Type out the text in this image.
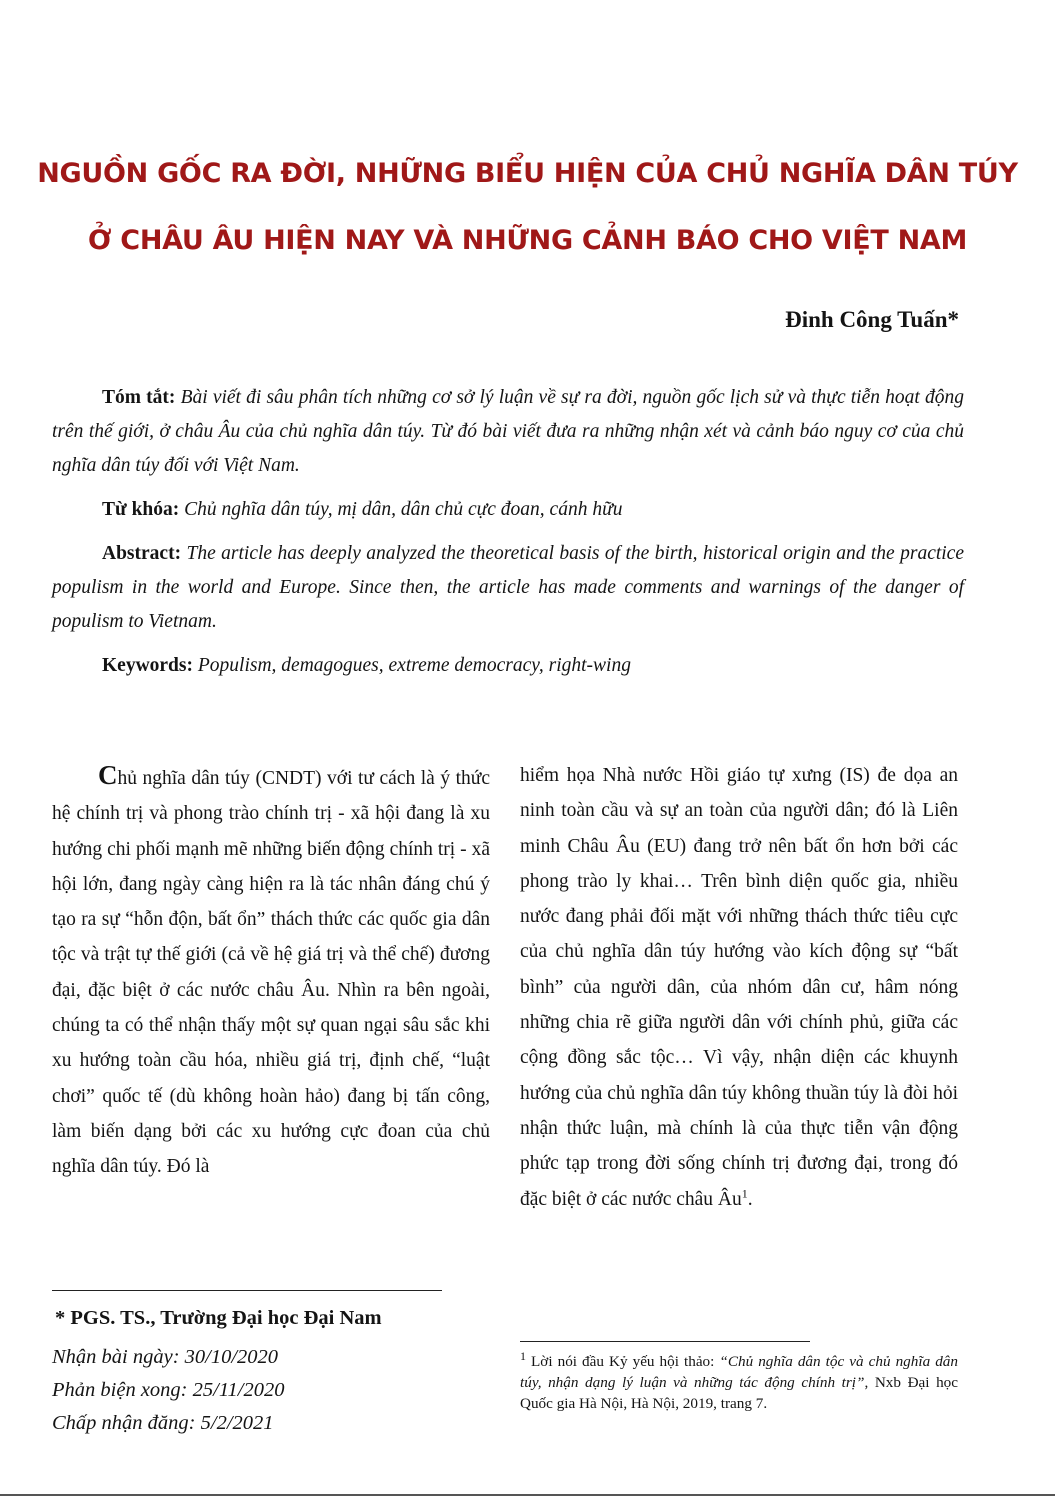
NGUỒN GỐC RA ĐỜI, NHỮNG BIỂU HIỆN CỦA CHỦ NGHĨA DÂN TÚY
Ở CHÂU ÂU HIỆN NAY VÀ NHỮNG CẢNH BÁO CHO VIỆT NAM

Đinh Công Tuấn*

Tóm tắt: Bài viết đi sâu phân tích những cơ sở lý luận về sự ra đời, nguồn gốc lịch sử và thực tiễn hoạt động trên thế giới, ở châu Âu của chủ nghĩa dân túy. Từ đó bài viết đưa ra những nhận xét và cảnh báo nguy cơ của chủ nghĩa dân túy đối với Việt Nam.

Từ khóa: Chủ nghĩa dân túy, mị dân, dân chủ cực đoan, cánh hữu

Abstract: The article has deeply analyzed the theoretical basis of the birth, historical origin and the practice populism in the world and Europe. Since then, the article has made comments and warnings of the danger of populism to Vietnam.

Keywords: Populism, demagogues, extreme democracy, right-wing

Chủ nghĩa dân túy (CNDT) với tư cách là ý thức hệ chính trị và phong trào chính trị - xã hội đang là xu hướng chi phối mạnh mẽ những biến động chính trị - xã hội lớn, đang ngày càng hiện ra là tác nhân đáng chú ý tạo ra sự “hỗn độn, bất ổn” thách thức các quốc gia dân tộc và trật tự thế giới (cả về hệ giá trị và thể chế) đương đại, đặc biệt ở các nước châu Âu. Nhìn ra bên ngoài, chúng ta có thể nhận thấy một sự quan ngại sâu sắc khi xu hướng toàn cầu hóa, nhiều giá trị, định chế, “luật chơi” quốc tế (dù không hoàn hảo) đang bị tấn công, làm biến dạng bởi các xu hướng cực đoan của chủ nghĩa dân túy. Đó là

hiểm họa Nhà nước Hồi giáo tự xưng (IS) đe dọa an ninh toàn cầu và sự an toàn của người dân; đó là Liên minh Châu Âu (EU) đang trở nên bất ổn hơn bởi các phong trào ly khai… Trên bình diện quốc gia, nhiều nước đang phải đối mặt với những thách thức tiêu cực của chủ nghĩa dân túy hướng vào kích động sự “bất bình” của người dân, của nhóm dân cư, hâm nóng những chia rẽ giữa người dân với chính phủ, giữa các cộng đồng sắc tộc… Vì vậy, nhận diện các khuynh hướng của chủ nghĩa dân túy không thuần túy là đòi hỏi nhận thức luận, mà chính là của thực tiễn vận động phức tạp trong đời sống chính trị đương đại, trong đó đặc biệt ở các nước châu $Âu^1$.

* PGS. TS., Trường Đại học Đại Nam

Nhận bài ngày: 30/10/2020
Phản biện xong: 25/11/2020
Chấp nhận đăng: 5/2/2021

$^1$ Lời nói đầu Kỷ yếu hội thảo: “Chủ nghĩa dân tộc và chủ nghĩa dân túy, nhận dạng lý luận và những tác động chính trị”, Nxb Đại học Quốc gia Hà Nội, Hà Nội, 2019, trang 7.
